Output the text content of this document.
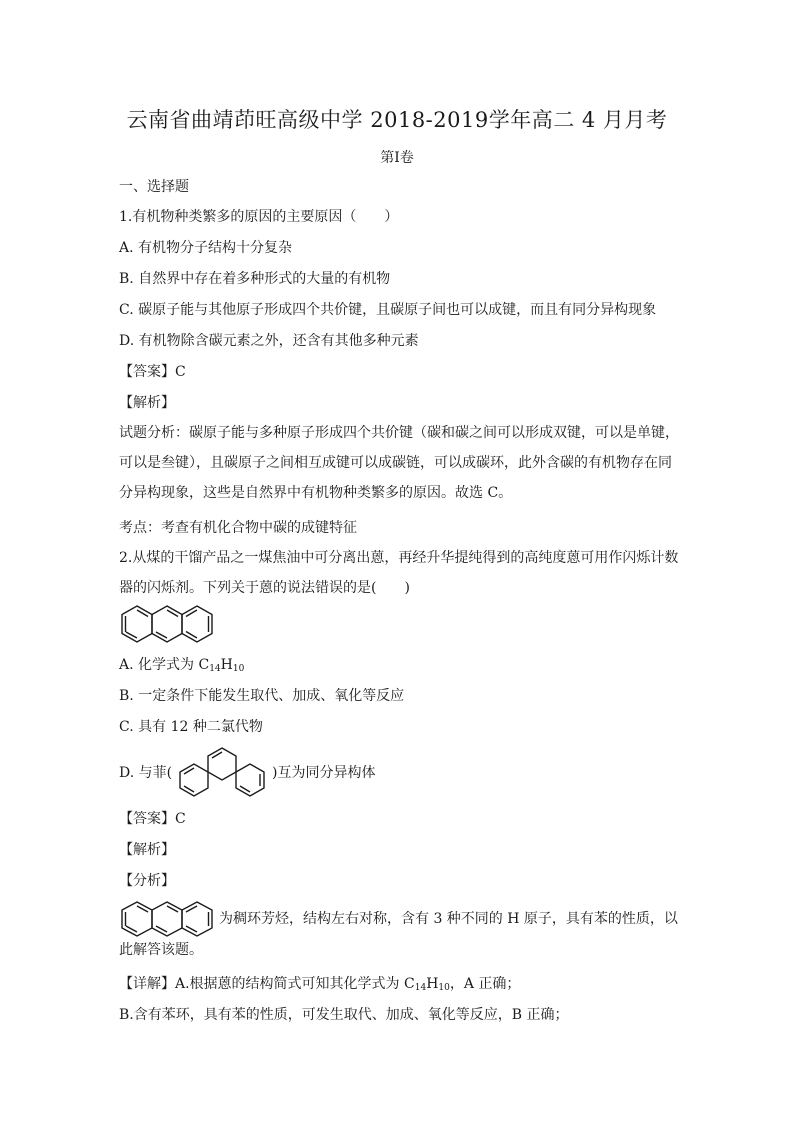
云南省曲靖茚旺高级中学 2018-2019学年高二 4 月月考
第I卷
一、选择题
1.有机物种类繁多的原因的主要原因（　　）
A. 有机物分子结构十分复杂
B. 自然界中存在着多种形式的大量的有机物
C. 碳原子能与其他原子形成四个共价键，且碳原子间也可以成键，而且有同分异构现象
D. 有机物除含碳元素之外，还含有其他多种元素
【答案】C
【解析】
试题分析：碳原子能与多种原子形成四个共价键（碳和碳之间可以形成双键，可以是单键，可以是叁键），且碳原子之间相互成键可以成碳链，可以成碳环，此外含碳的有机物存在同分异构现象，这些是自然界中有机物种类繁多的原因。故选 C。
考点：考查有机化合物中碳的成键特征
2.从煤的干馏产品之一煤焦油中可分离出蒽，再经升华提纯得到的高纯度蒽可用作闪烁计数器的闪烁剂。下列关于蒽的说法错误的是(　　)
A. 化学式为 $C_{14}H_{10}$
B. 一定条件下能发生取代、加成、氧化等反应
C. 具有 12 种二氯代物
D. 与菲(	)互为同分异构体
【答案】C
【解析】
【分析】
为稠环芳烃，结构左右对称，含有 3 种不同的 H 原子，具有苯的性质，以
此解答该题。
【详解】A.根据蒽的结构简式可知其化学式为 $C_{14}H_{10}$，A 正确；
B.含有苯环，具有苯的性质，可发生取代、加成、氧化等反应，B 正确；
